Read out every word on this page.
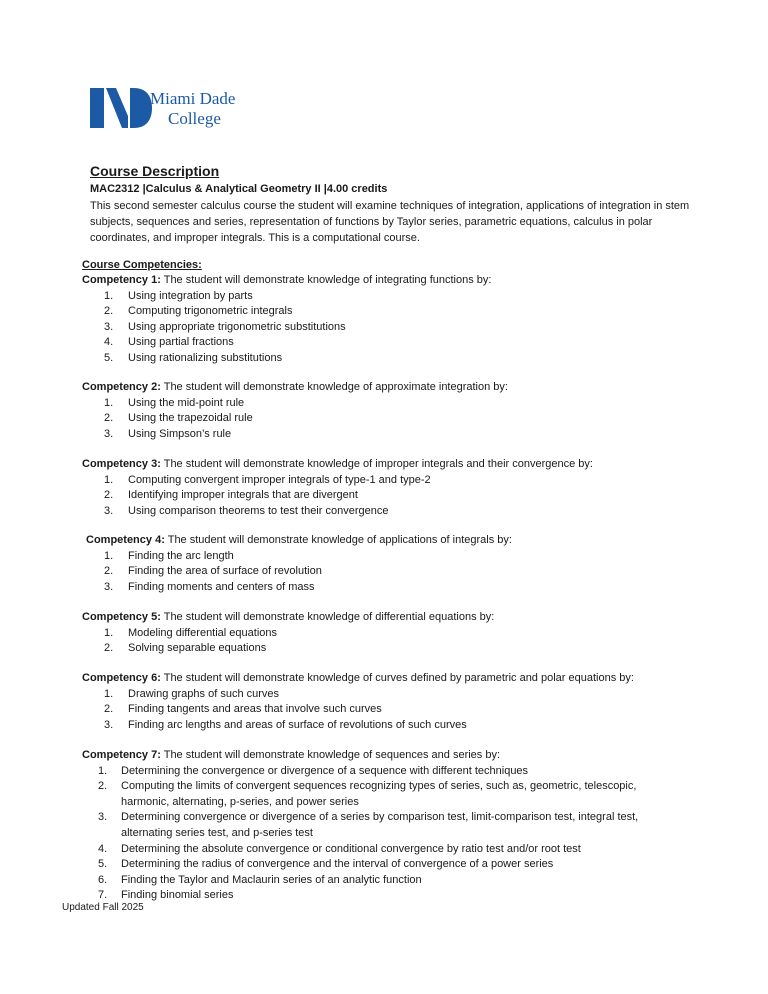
Miami Dade
College
Course Description

MAC2312 |Calculus & Analytical Geometry II |4.00 credits

This second semester calculus course the student will examine techniques of integration, applications of integration in stem subjects, sequences and series, representation of functions by Taylor series, parametric equations, calculus in polar coordinates, and improper integrals. This is a computational course.

Course Competencies:

Competency 1: The student will demonstrate knowledge of integrating functions by:

1.	Using integration by parts
2.	Computing trigonometric integrals
3.	Using appropriate trigonometric substitutions
4.	Using partial fractions
5.	Using rationalizing substitutions

Competency 2: The student will demonstrate knowledge of approximate integration by:

1.	Using the mid-point rule
2.	Using the trapezoidal rule
3.	Using Simpson’s rule

Competency 3: The student will demonstrate knowledge of improper integrals and their convergence by:

1.	Computing convergent improper integrals of type-1 and type-2
2.	Identifying improper integrals that are divergent
3.	Using comparison theorems to test their convergence

Competency 4: The student will demonstrate knowledge of applications of integrals by:

1.	Finding the arc length
2.	Finding the area of surface of revolution
3.	Finding moments and centers of mass

Competency 5: The student will demonstrate knowledge of differential equations by:

1.	Modeling differential equations
2.	Solving separable equations

Competency 6: The student will demonstrate knowledge of curves defined by parametric and polar equations by:

1.	Drawing graphs of such curves
2.	Finding tangents and areas that involve such curves
3.	Finding arc lengths and areas of surface of revolutions of such curves

Competency 7: The student will demonstrate knowledge of sequences and series by:

1.	Determining the convergence or divergence of a sequence with different techniques
2.	Computing the limits of convergent sequences recognizing types of series, such as, geometric, telescopic, harmonic, alternating, p-series, and power series
3.	Determining convergence or divergence of a series by comparison test, limit-comparison test, integral test, alternating series test, and p-series test
4.	Determining the absolute convergence or conditional convergence by ratio test and/or root test
5.	Determining the radius of convergence and the interval of convergence of a power series
6.	Finding the Taylor and Maclaurin series of an analytic function
7.	Finding binomial series

Updated Fall 2025
